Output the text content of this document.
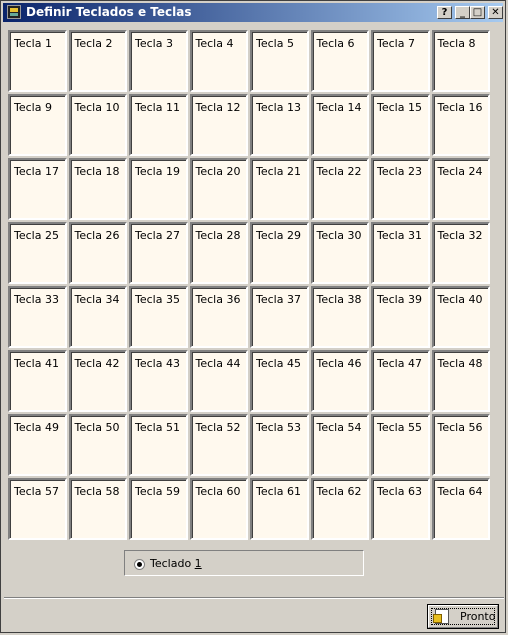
Definir Teclados e Teclas	?	_ □ ✕
Tecla 1 Tecla 2 Tecla 3 Tecla 4 Tecla 5 Tecla 6 Tecla 7 Tecla 8
Tecla 9 Tecla 10 Tecla 11 Tecla 12 Tecla 13 Tecla 14 Tecla 15 Tecla 16
Tecla 17 Tecla 18 Tecla 19 Tecla 20 Tecla 21 Tecla 22 Tecla 23 Tecla 24
Tecla 25 Tecla 26 Tecla 27 Tecla 28 Tecla 29 Tecla 30 Tecla 31 Tecla 32
Tecla 33 Tecla 34 Tecla 35 Tecla 36 Tecla 37 Tecla 38 Tecla 39 Tecla 40
Tecla 41 Tecla 42 Tecla 43 Tecla 44 Tecla 45 Tecla 46 Tecla 47 Tecla 48
Tecla 49 Tecla 50 Tecla 51 Tecla 52 Tecla 53 Tecla 54 Tecla 55 Tecla 56
Tecla 57 Tecla 58 Tecla 59 Tecla 60 Tecla 61 Tecla 62 Tecla 63 Tecla 64
Teclado 1
Pronto
